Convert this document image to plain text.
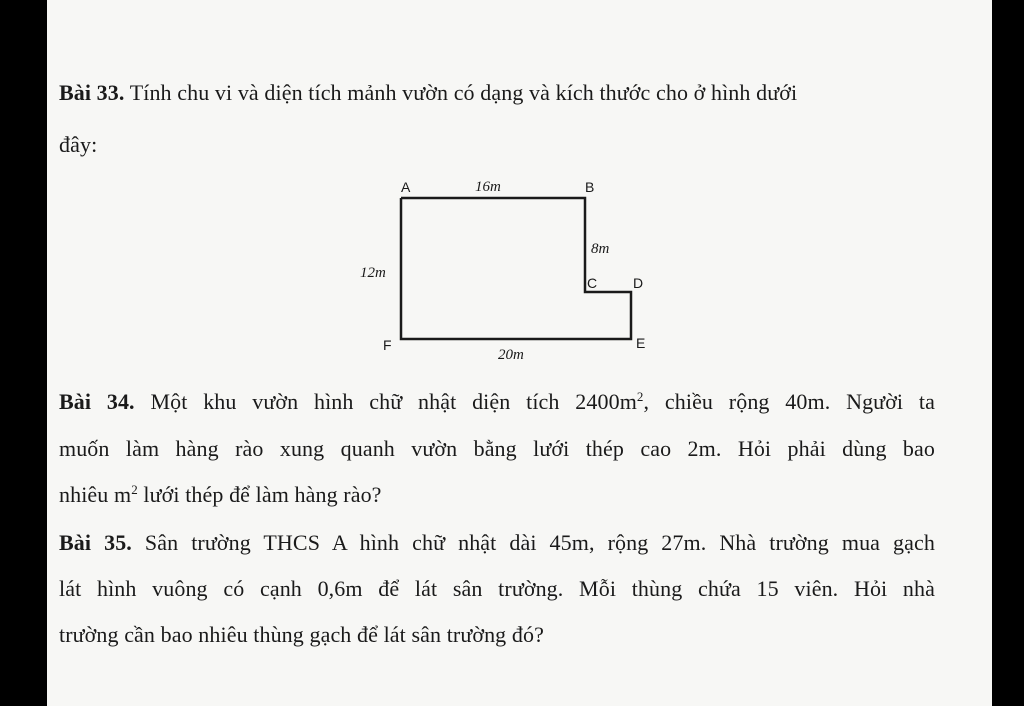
Bài 33. Tính chu vi và diện tích mảnh vườn có dạng và kích thước cho ở hình dưới
đây:
A	B
C	D
E
F
16m
8m
12m
20m
Bài 34. Một khu vườn hình chữ nhật diện tích $2400m^2$, chiều rộng 40m. Người ta
muốn làm hàng rào xung quanh vườn bằng lưới thép cao 2m. Hỏi phải dùng bao
nhiêu $m^2$ lưới thép để làm hàng rào?
Bài 35. Sân trường THCS A hình chữ nhật dài 45m, rộng 27m. Nhà trường mua gạch
lát hình vuông có cạnh 0,6m để lát sân trường. Mỗi thùng chứa 15 viên. Hỏi nhà
trường cần bao nhiêu thùng gạch để lát sân trường đó?
